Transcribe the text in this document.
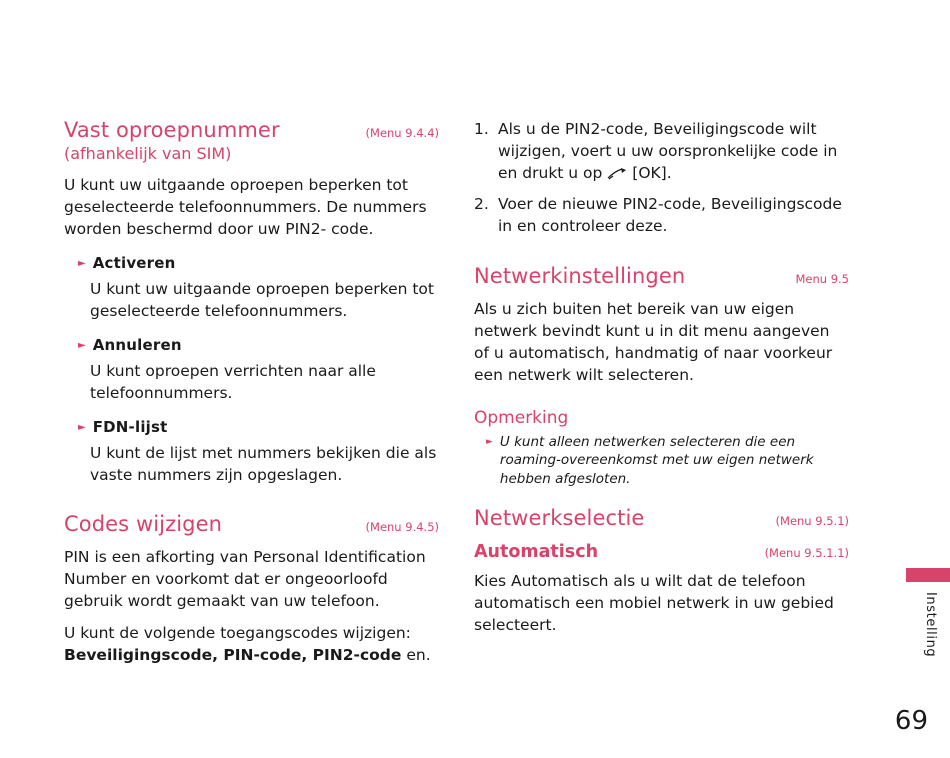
Vast oproepnummer	(Menu 9.4.4)
(afhankelijk van SIM)

U kunt uw uitgaande oproepen beperken tot geselecteerde telefoonnummers. De nummers worden beschermd door uw PIN2- code.

► Activeren

U kunt uw uitgaande oproepen beperken tot geselecteerde telefoonnummers.

► Annuleren

U kunt oproepen verrichten naar alle telefoonnummers.

► FDN-lijst

U kunt de lijst met nummers bekijken die als vaste nummers zijn opgeslagen.

Codes wijzigen	(Menu 9.4.5)

PIN is een afkorting van Personal Identification Number en voorkomt dat er ongeoorloofd gebruik wordt gemaakt van uw telefoon.

U kunt de volgende toegangscodes wijzigen:
Beveiligingscode, PIN-code, PIN2-code en.

1. Als u de PIN2-code, Beveiligingscode wilt wijzigen, voert u uw oorspronkelijke code in en drukt u op [OK].
2. Voer de nieuwe PIN2-code, Beveiligingscode in en controleer deze.
Netwerkinstellingen	Menu 9.5

Als u zich buiten het bereik van uw eigen netwerk bevindt kunt u in dit menu aangeven of u automatisch, handmatig of naar voorkeur een netwerk wilt selecteren.

Opmerking
► U kunt alleen netwerken selecteren die een roaming-overeenkomst met uw eigen netwerk hebben afgesloten.
Netwerkselectie	(Menu 9.5.1)
Automatisch	(Menu 9.5.1.1)

Kies Automatisch als u wilt dat de telefoon automatisch een mobiel netwerk in uw gebied selecteert.	Instelling
69
